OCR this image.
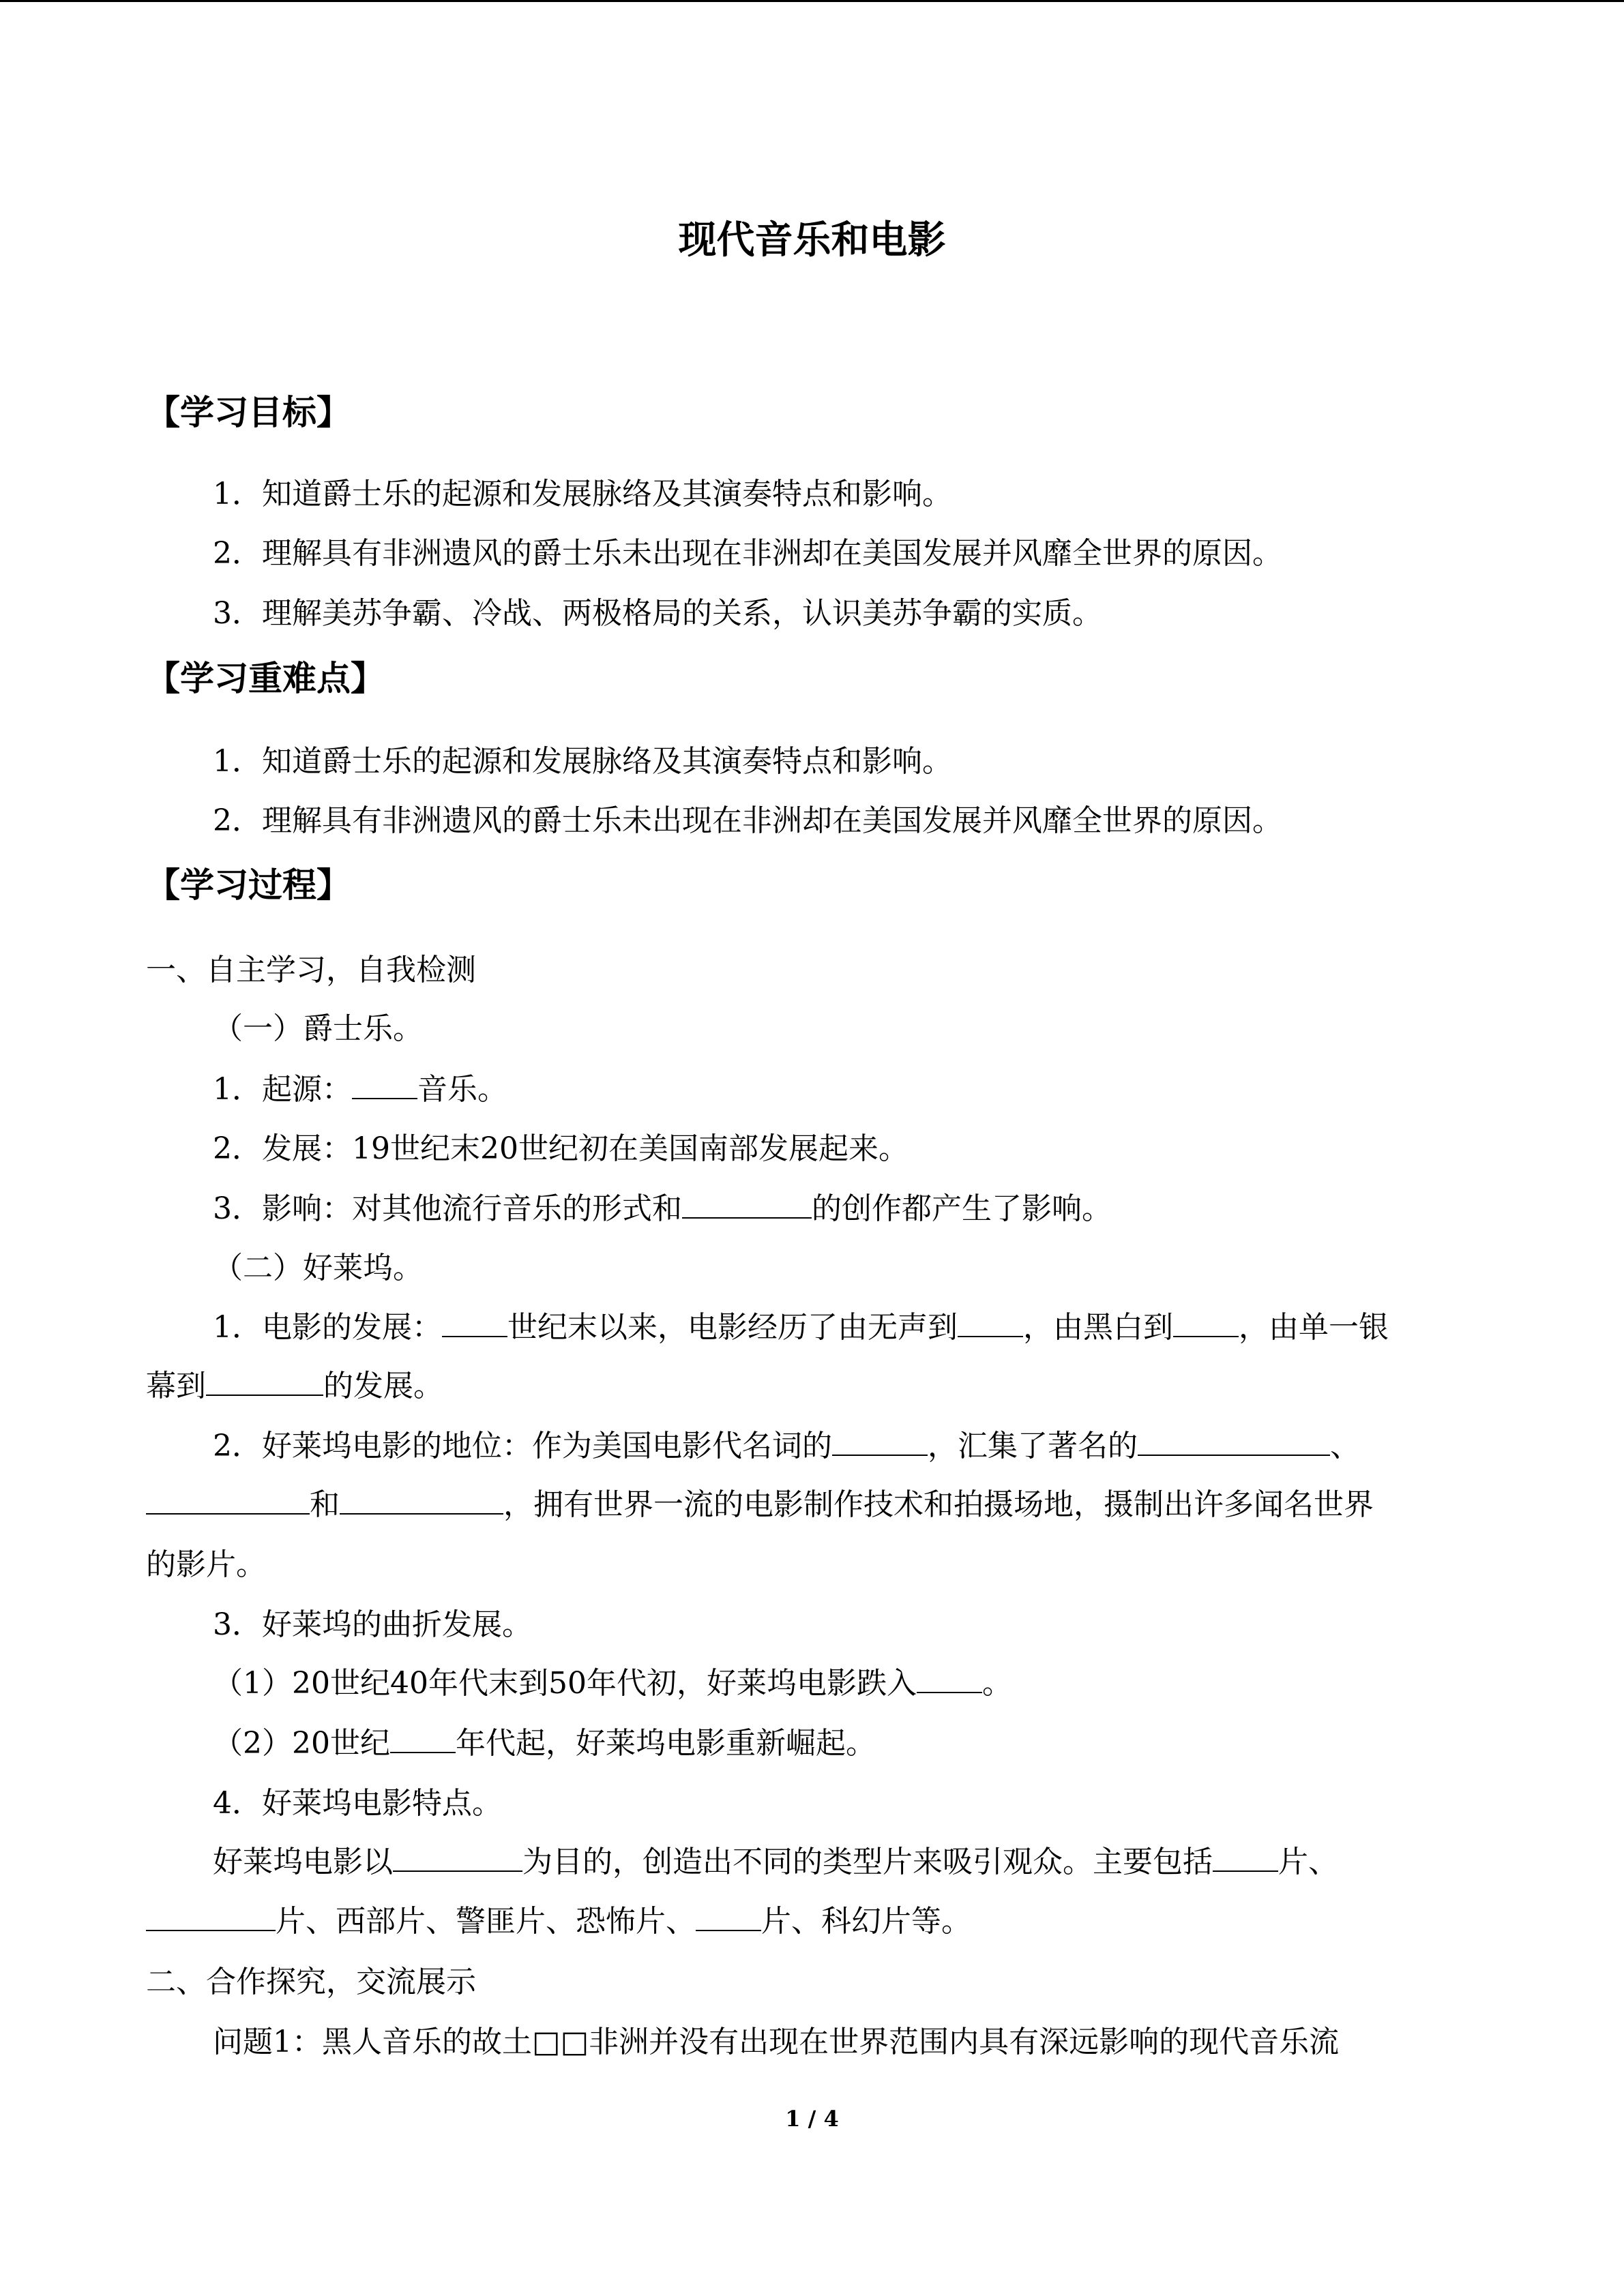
现代音乐和电影
【学习目标】
1．知道爵士乐的起源和发展脉络及其演奏特点和影响。
2．理解具有非洲遗风的爵士乐未出现在非洲却在美国发展并风靡全世界的原因。
3．理解美苏争霸、冷战、两极格局的关系，认识美苏争霸的实质。
【学习重难点】
1．知道爵士乐的起源和发展脉络及其演奏特点和影响。
2．理解具有非洲遗风的爵士乐未出现在非洲却在美国发展并风靡全世界的原因。
【学习过程】
一、自主学习，自我检测
（一）爵士乐。
1．起源： 音乐。
2．发展：19世纪末20世纪初在美国南部发展起来。
3．影响：对其他流行音乐的形式和	的创作都产生了影响。
（二）好莱坞。
1．电影的发展： 世纪末以来，电影经历了由无声到 ，由黑白到 ，由单一银
幕到	的发展。
2．好莱坞电影的地位：作为美国电影代名词的	，汇集了著名的	、
和	，拥有世界一流的电影制作技术和拍摄场地，摄制出许多闻名世界
的影片。
3．好莱坞的曲折发展。
（1）20世纪40年代末到50年代初，好莱坞电影跌入 。
（2）20世纪 年代起，好莱坞电影重新崛起。
4．好莱坞电影特点。
好莱坞电影以	为目的，创造出不同的类型片来吸引观众。主要包括 片、
片、西部片、警匪片、恐怖片、 片、科幻片等。
二、合作探究，交流展示
问题1：黑人音乐的故土□□非洲并没有出现在世界范围内具有深远影响的现代音乐流
1 / 4
